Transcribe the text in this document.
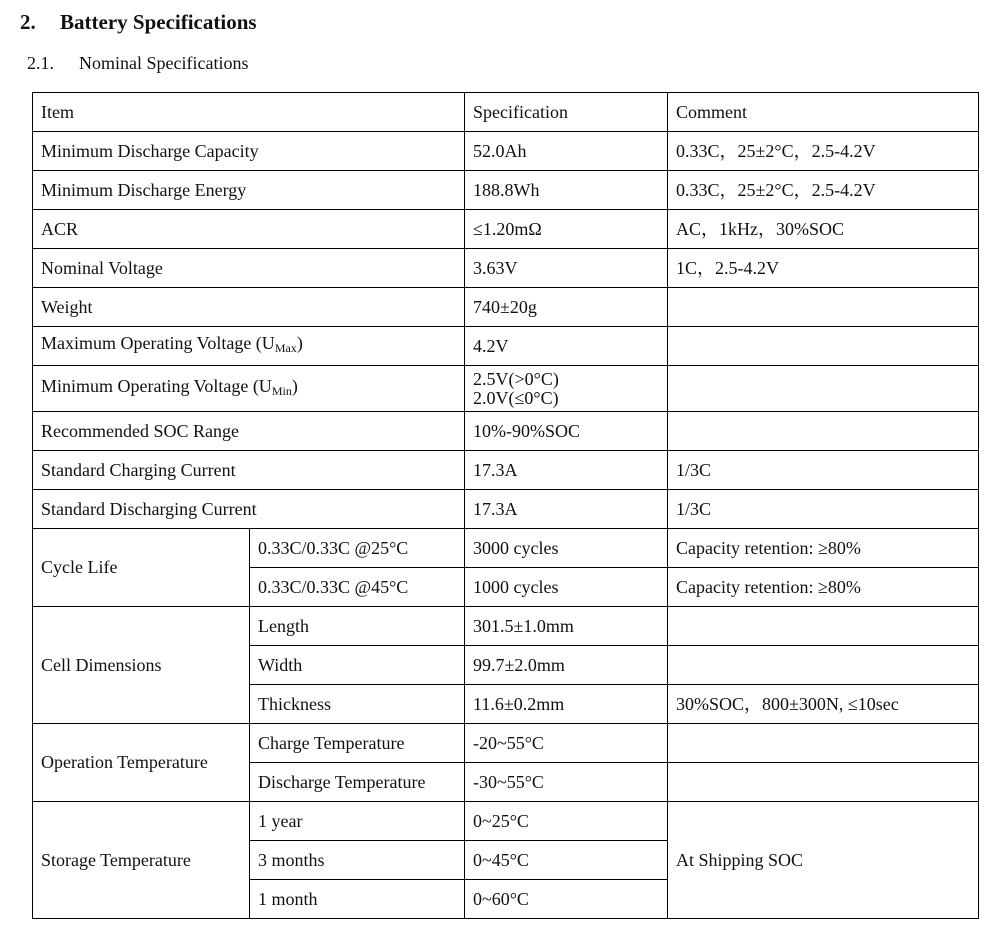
2. Battery Specifications
2.1. Nominal Specifications
Item		Specification	Comment
Minimum Discharge Capacity		52.0Ah	0.33C，25±2°C，2.5-4.2V
Minimum Discharge Energy		188.8Wh	0.33C，25±2°C，2.5-4.2V
ACR		≤1.20mΩ	AC，1kHz，30%SOC
Nominal Voltage		3.63V	1C，2.5-4.2V
Weight		740±20g	
Maximum Operating Voltage $(U_{Max})$		4.2V	
Minimum Operating Voltage $(U_{Min})$		2.5V(>0°C)
2.0V(≤0°C)	

Recommended SOC Range		10%-90%SOC	
Standard Charging Current		17.3A	1/3C
Standard Discharging Current		17.3A	1/3C
Cycle Life	0.33C/0.33C @25°C	3000 cycles	Capacity retention: ≥80%
	0.33C/0.33C @45°C	1000 cycles	Capacity retention: ≥80%
Cell Dimensions	Length	301.5±1.0mm	
	Width	99.7±2.0mm	
	Thickness	11.6±0.2mm	30%SOC，800±300N, ≤10sec
Operation Temperature	Charge Temperature	-20~55°C	
	Discharge Temperature	-30~55°C	
Storage Temperature	1 year	0~25°C	At Shipping SOC
	3 months	0~45°C	
	1 month	0~60°C	
